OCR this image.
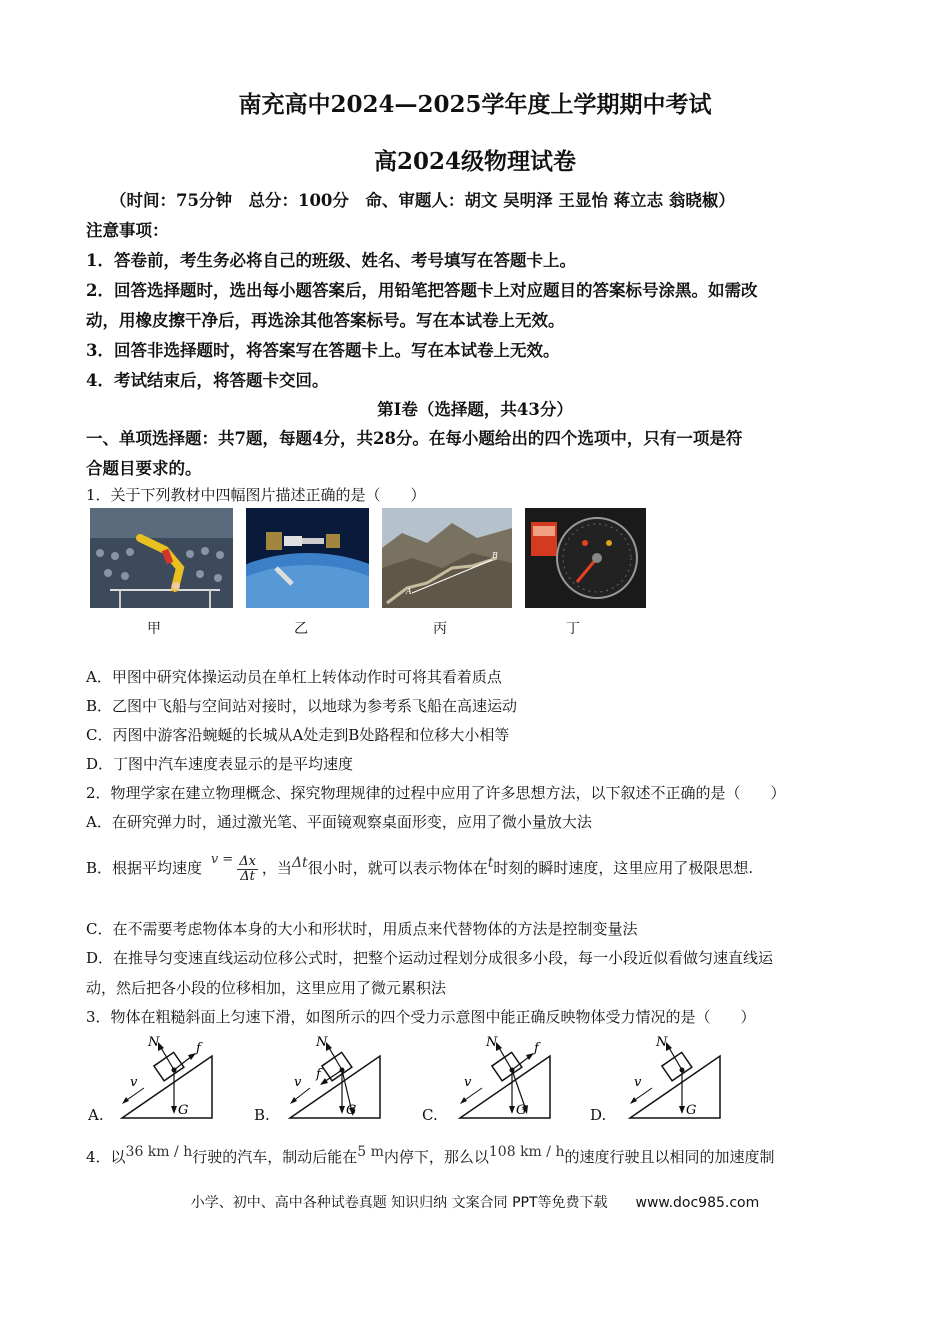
南充高中2024—2025学年度上学期期中考试
高2024级物理试卷
（时间：75分钟　总分：100分　命、审题人：胡文 吴明泽 王显怡 蒋立志 翁晓椒）
注意事项：
1．答卷前，考生务必将自己的班级、姓名、考号填写在答题卡上。
2．回答选择题时，选出每小题答案后，用铅笔把答题卡上对应题目的答案标号涂黑。如需改
动，用橡皮擦干净后，再选涂其他答案标号。写在本试卷上无效。
3．回答非选择题时，将答案写在答题卡上。写在本试卷上无效。
4．考试结束后，将答题卡交回。
第Ⅰ卷（选择题，共43分）
一、单项选择题：共7题，每题4分，共28分。在每小题给出的四个选项中，只有一项是符
合题目要求的。
1．关于下列教材中四幅图片描述正确的是（　　）
A
B
甲	乙	丙	丁
A．甲图中研究体操运动员在单杠上转体动作时可将其看着质点
B．乙图中飞船与空间站对接时，以地球为参考系飞船在高速运动
C．丙图中游客沿蜿蜒的长城从A处走到B处路程和位移大小相等
D．丁图中汽车速度表显示的是平均速度
2．物理学家在建立物理概念、探究物理规律的过程中应用了许多思想方法，以下叙述不正确的是（　　）
A．在研究弹力时，通过激光笔、平面镜观察桌面形变，应用了微小量放大法
B．根据平均速度 $v = \frac{\Delta x}{\Delta t}$ ，当Δt很小时，就可以表示物体在t时刻的瞬时速度，这里应用了极限思想.
C．在不需要考虑物体本身的大小和形状时，用质点来代替物体的方法是控制变量法
D．在推导匀变速直线运动位移公式时，把整个运动过程划分成很多小段，每一小段近似看做匀速直线运
动，然后把各小段的位移相加，这里应用了微元累积法
3．物体在粗糙斜面上匀速下滑，如图所示的四个受力示意图中能正确反映物体受力情况的是（　　）
N	f
G
v
N
f
G
v
N	f
G
v
N
G
v
A.	B.	C.	D.
4．以36 km / h行驶的汽车，制动后能在5 m内停下，那么以108 km / h的速度行驶且以相同的加速度制
小学、初中、高中各种试卷真题 知识归纳 文案合同 PPT等免费下载　　www.doc985.com
